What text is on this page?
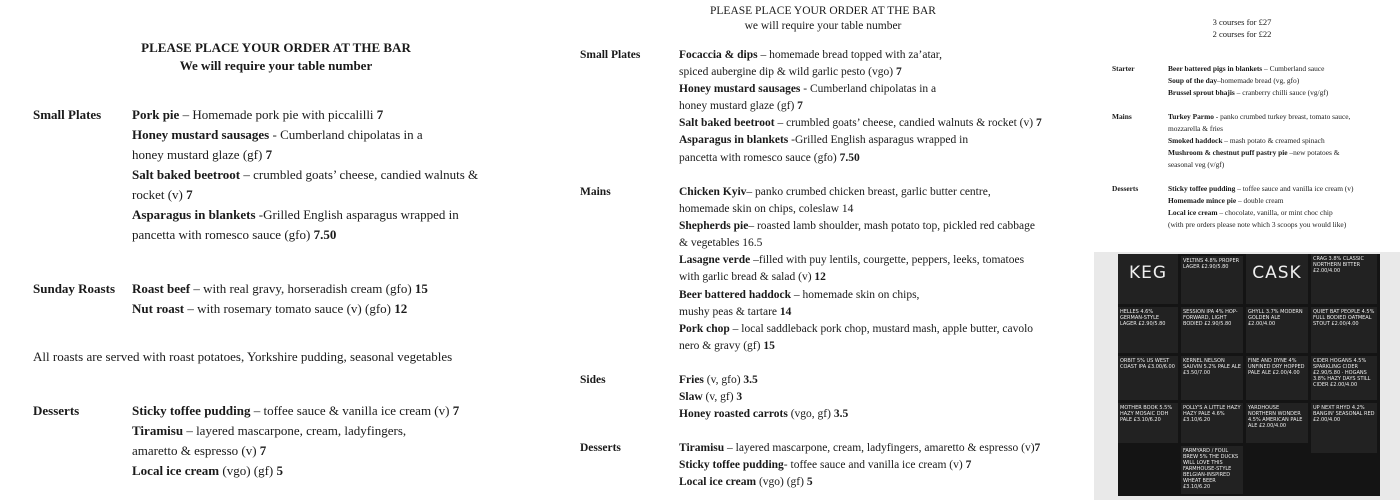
PLEASE PLACE YOUR ORDER AT THE BAR
We will require your table number
Small Plates	Pork pie – Homemade pork pie with piccalilli 7
Honey mustard sausages - Cumberland chipolatas in a
honey mustard glaze (gf) 7
Salt baked beetroot – crumbled goats’ cheese, candied walnuts &
rocket (v) 7
Asparagus in blankets -Grilled English asparagus wrapped in
pancetta with romesco sauce (gfo) 7.50
Sunday Roasts	Roast beef – with real gravy, horseradish cream (gfo) 15
Nut roast – with rosemary tomato sauce (v) (gfo) 12
All roasts are served with roast potatoes, Yorkshire pudding, seasonal vegetables
Desserts	Sticky toffee pudding – toffee sauce & vanilla ice cream (v) 7
Tiramisu – layered mascarpone, cream, ladyfingers,
amaretto & espresso (v) 7
Local ice cream (vgo) (gf) 5
PLEASE PLACE YOUR ORDER AT THE BAR
we will require your table number
Small Plates	Focaccia & dips – homemade bread topped with za’atar,
spiced aubergine dip & wild garlic pesto (vgo) 7
Honey mustard sausages - Cumberland chipolatas in a
honey mustard glaze (gf) 7
Salt baked beetroot – crumbled goats’ cheese, candied walnuts & rocket (v) 7
Asparagus in blankets -Grilled English asparagus wrapped in
pancetta with romesco sauce (gfo) 7.50
Mains	Chicken Kyiv– panko crumbed chicken breast, garlic butter centre,
homemade skin on chips, coleslaw 14
Shepherds pie– roasted lamb shoulder, mash potato top, pickled red cabbage
& vegetables 16.5
Lasagne verde –filled with puy lentils, courgette, peppers, leeks, tomatoes
with garlic bread & salad (v) 12
Beer battered haddock – homemade skin on chips,
mushy peas & tartare 14
Pork chop – local saddleback pork chop, mustard mash, apple butter, cavolo
nero & gravy (gf) 15
Sides	Fries (v, gfo) 3.5
Slaw (v, gf) 3
Honey roasted carrots (vgo, gf) 3.5
Desserts	Tiramisu – layered mascarpone, cream, ladyfingers, amaretto & espresso (v)7
Sticky toffee pudding- toffee sauce and vanilla ice cream (v) 7
Local ice cream (vgo) (gf) 5
3 courses for £27
2 courses for £22
Starter	Beer battered pigs in blankets – Cumberland sauce
Soup of the day–homemade bread (vg, gfo)
Brussel sprout bhajis – cranberry chilli sauce (vg/gf)
Mains	Turkey Parmo - panko crumbed turkey breast, tomato sauce,
mozzarella & fries
Smoked haddock – mash potato & creamed spinach
Mushroom & chestnut puff pastry pie –new potatoes &
seasonal veg (v/gf)
Desserts	Sticky toffee pudding – toffee sauce and vanilla ice cream (v)
Homemade mince pie – double cream
Local ice cream – chocolate, vanilla, or mint choc chip
(with pre orders please note which 3 scoops you would like)
KEG
VELTINS 4.8% PROPER LAGER £2.90/5.80	CASK
CRAG 3.8% CLASSIC NORTHERN BITTER £2.00/4.00
HELLES 4.6% GERMAN-STYLE LAGER £2.90/5.80
SESSION IPA 4% HOP-FORWARD, LIGHT BODIED £2.90/5.80
GHYLL 3.7% MODERN GOLDEN ALE £2.00/4.00
QUIET BAT PEOPLE 4.5% FULL BODIED OATMEAL STOUT £2.00/4.00
ORBIT 5% US WEST COAST IPA £3.00/6.00
KERNEL NELSON SAUVIN 5.2% PALE ALE £3.50/7.00
FINE AND DYNE 4% UNFINED DRY HOPPED PALE ALE £2.00/4.00
CIDER HOGANS 4.5% SPARKLING CIDER £2.90/5.80 · HOGANS 3.8% HAZY DAYS STILL CIDER £2.00/4.00
MOTHER BOOK 5.5% HAZY MOSAIC DDH PALE £3.10/6.20
POLLY'S A LITTLE HAZY HAZY PALE 4.6% £3.10/6.20
YARDHOUSE NORTHERN WONDER 4.5% AMERICAN PALE ALE £2.00/4.00
UP NEXT RHYD 4.2% BANGIN' SEASONAL RED £2.00/4.00
FARMYARD / FOUL BREW 5% THE DUCKS WILL LOVE THIS FARMHOUSE-STYLE BELGIAN-INSPIRED WHEAT BEER £3.10/6.20
